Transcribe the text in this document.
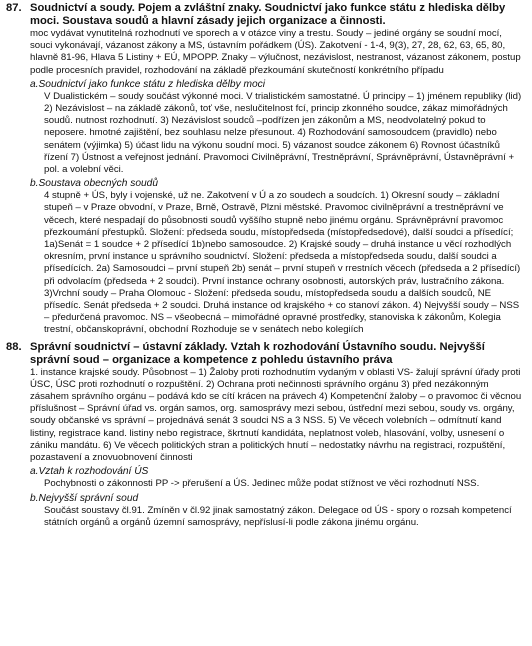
87. Soudnictví a soudy. Pojem a zvláštní znaky. Soudnictví jako funkce státu z hlediska dělby moci. Soustava soudů a hlavní zásady jejich organizace a činnosti.

moc vydávat vynutitelná rozhodnutí ve sporech a v otázce viny a trestu. Soudy – jediné orgány se soudní mocí, souci vykonávají, vázanost zákony a MS, ústavním pořádkem (ÚS). Zakotvení - 1-4, 9(3), 27, 28, 62, 63, 65, 80, hlavně 81-96, Hlava 5 Listiny + EÚ, MPOPP. Znaky – výlučnost, nezávislost, nestranost, vázanost zákonem, postup podle procesních pravidel, rozhodování na základě přezkoumání skutečností konkrétního případu

a.Soudnictví jako funkce státu z hlediska dělby moci

V Dualistickém – soudy součást výkonné moci. V trialistickém samostatné. Ú principy – 1) jménem republiky (lid) 2) Nezávislost – na základě zákonů, toť vše, neslučitelnost fcí, princip zkonného soudce, zákaz mimořádných soudů. nutnost rozhodnutí. 3) Nezávislost soudců –podřízen jen zákonům a MS, neodvolatelný pokud to neposere. hmotné zajištění, bez souhlasu nelze přesunout. 4) Rozhodování samosoudcem (pravidlo) nebo senátem (výjimka) 5) účast lidu na výkonu soudní moci. 5) vázanost soudce zákonem 6) Rovnost účastníků řízení 7) Ústnost a veřejnost jednání. Pravomoci Civilněprávní, Trestněprávní, Správněprávní, Ústavněprávní + pol. a volební věci.

b.Soustava obecných soudů

4 stupně + ÚS, byly i vojenské, už ne. Zakotvení v Ú a zo soudech a soudcích. 1) Okresní soudy – základní stupeň – v Praze obvodní, v Praze, Brně, Ostravě, Plzni městské. Pravomoc civilněprávní a trestněprávní ve věcech, které nespadají do působnosti soudů vyššího stupně nebo jinému orgánu. Správněprávní pravomoc přezkoumání přestupků. Složení: předseda soudu, místopředseda (místopředsedové), další soudci a přísedící; 1a)Senát = 1 soudce + 2 přísedící 1b)nebo samosoudce. 2) Krajské soudy – druhá instance u věcí rozhodlých okresním, první instance u správního soudnictví. Složení: předseda a místopředseda soudu, další soudci a přísedících. 2a) Samosoudci – první stupeň 2b) senát – první stupeň v rrestních věcech (předseda a 2 přísedící) při odvolacím (předseda + 2 soudci). První instance ochrany osobnosti, autorských práv, lustračního zákona. 3)Vrchní soudy – Praha Olomouc - Složení: předseda soudu, místopředseda soudu a dalších soudců, NE přísedíc. Senát předseda + 2 soudci. Druhá instance od krajského + co stanoví zákon. 4) Nejvyšší soudy – NSS – předurčená pravomoc. NS – všeobecná – mimořádné opravné prostředky, stanoviska k zákonům, Kolegia trestní, občanskoprávní, obchodní Rozhoduje se v senátech nebo kolegiích

88. Správní soudnictví – ústavní základy. Vztah k rozhodování Ústavního soudu. Nejvyšší správní soud – organizace a kompetence z pohledu ústavního práva

1. instance krajské soudy. Působnost – 1) Žaloby proti rozhodnutím vydaným v oblasti VS- žalují správní úřady proti ÚSC, ÚSC proti rozhodnutí o rozpuštění. 2) Ochrana proti nečinnosti správního orgánu 3) před nezákonným zásahem správního orgánu – podává kdo se cítí krácen na právech 4) Kompetenční žaloby – o pravomoc či věcnou příslušnost – Správní úřad vs. orgán samos, org. samosprávy mezi sebou, ústřední mezi sebou, soudy vs. orgány, soudy občanské vs správní – projednává senát 3 soudci NS a 3 NSS. 5) Ve věcech volebních – odmítnutí kand listiny, registrace kand. listiny nebo registrace, škrtnutí kandidáta, neplatnost voleb, hlasování, volby, usnesení o zániku mandátu. 6) Ve věcech politických stran a politických hnutí – nedostatky návrhu na registraci, rozpuštění, pozastavení a znovuobnovení činnosti

a.Vztah k rozhodování ÚS

Pochybnosti o zákonnosti PP -> přerušení a ÚS. Jedinec může podat stížnost ve věci rozhodnutí NSS.

b.Nejvyšší správní soud

Součást soustavy čl.91. Zmíněn v čl.92 jinak samostatný zákon. Delegace od ÚS - spory o rozsah kompetencí státních orgánů a orgánů územní samosprávy, nepříslusí-li podle zákona jinému orgánu.
